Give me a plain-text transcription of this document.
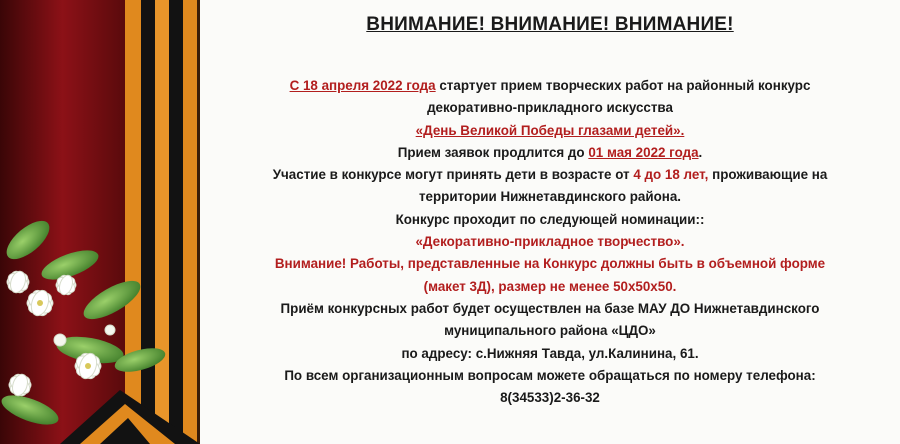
ВНИМАНИЕ! ВНИМАНИЕ! ВНИМАНИЕ!
С 18 апреля 2022 года стартует прием творческих работ на районный конкурс
декоративно-прикладного искусства
«День Великой Победы глазами детей».
Прием заявок продлится до 01 мая 2022 года.
Участие в конкурсе могут принять дети в возрасте от 4 до 18 лет, проживающие на
территории Нижнетавдинского района.
Конкурс проходит по следующей номинации::
«Декоративно-прикладное творчество».
Внимание! Работы, представленные на Конкурс должны быть в объемной форме
(макет 3Д), размер не менее 50х50х50.
Приём конкурсных работ будет осуществлен на базе МАУ ДО Нижнетавдинского
муниципального района «ЦДО»
по адресу: с.Нижняя Тавда, ул.Калинина, 61.
По всем организационным вопросам можете обращаться по номеру телефона:
8(34533)2-36-32
